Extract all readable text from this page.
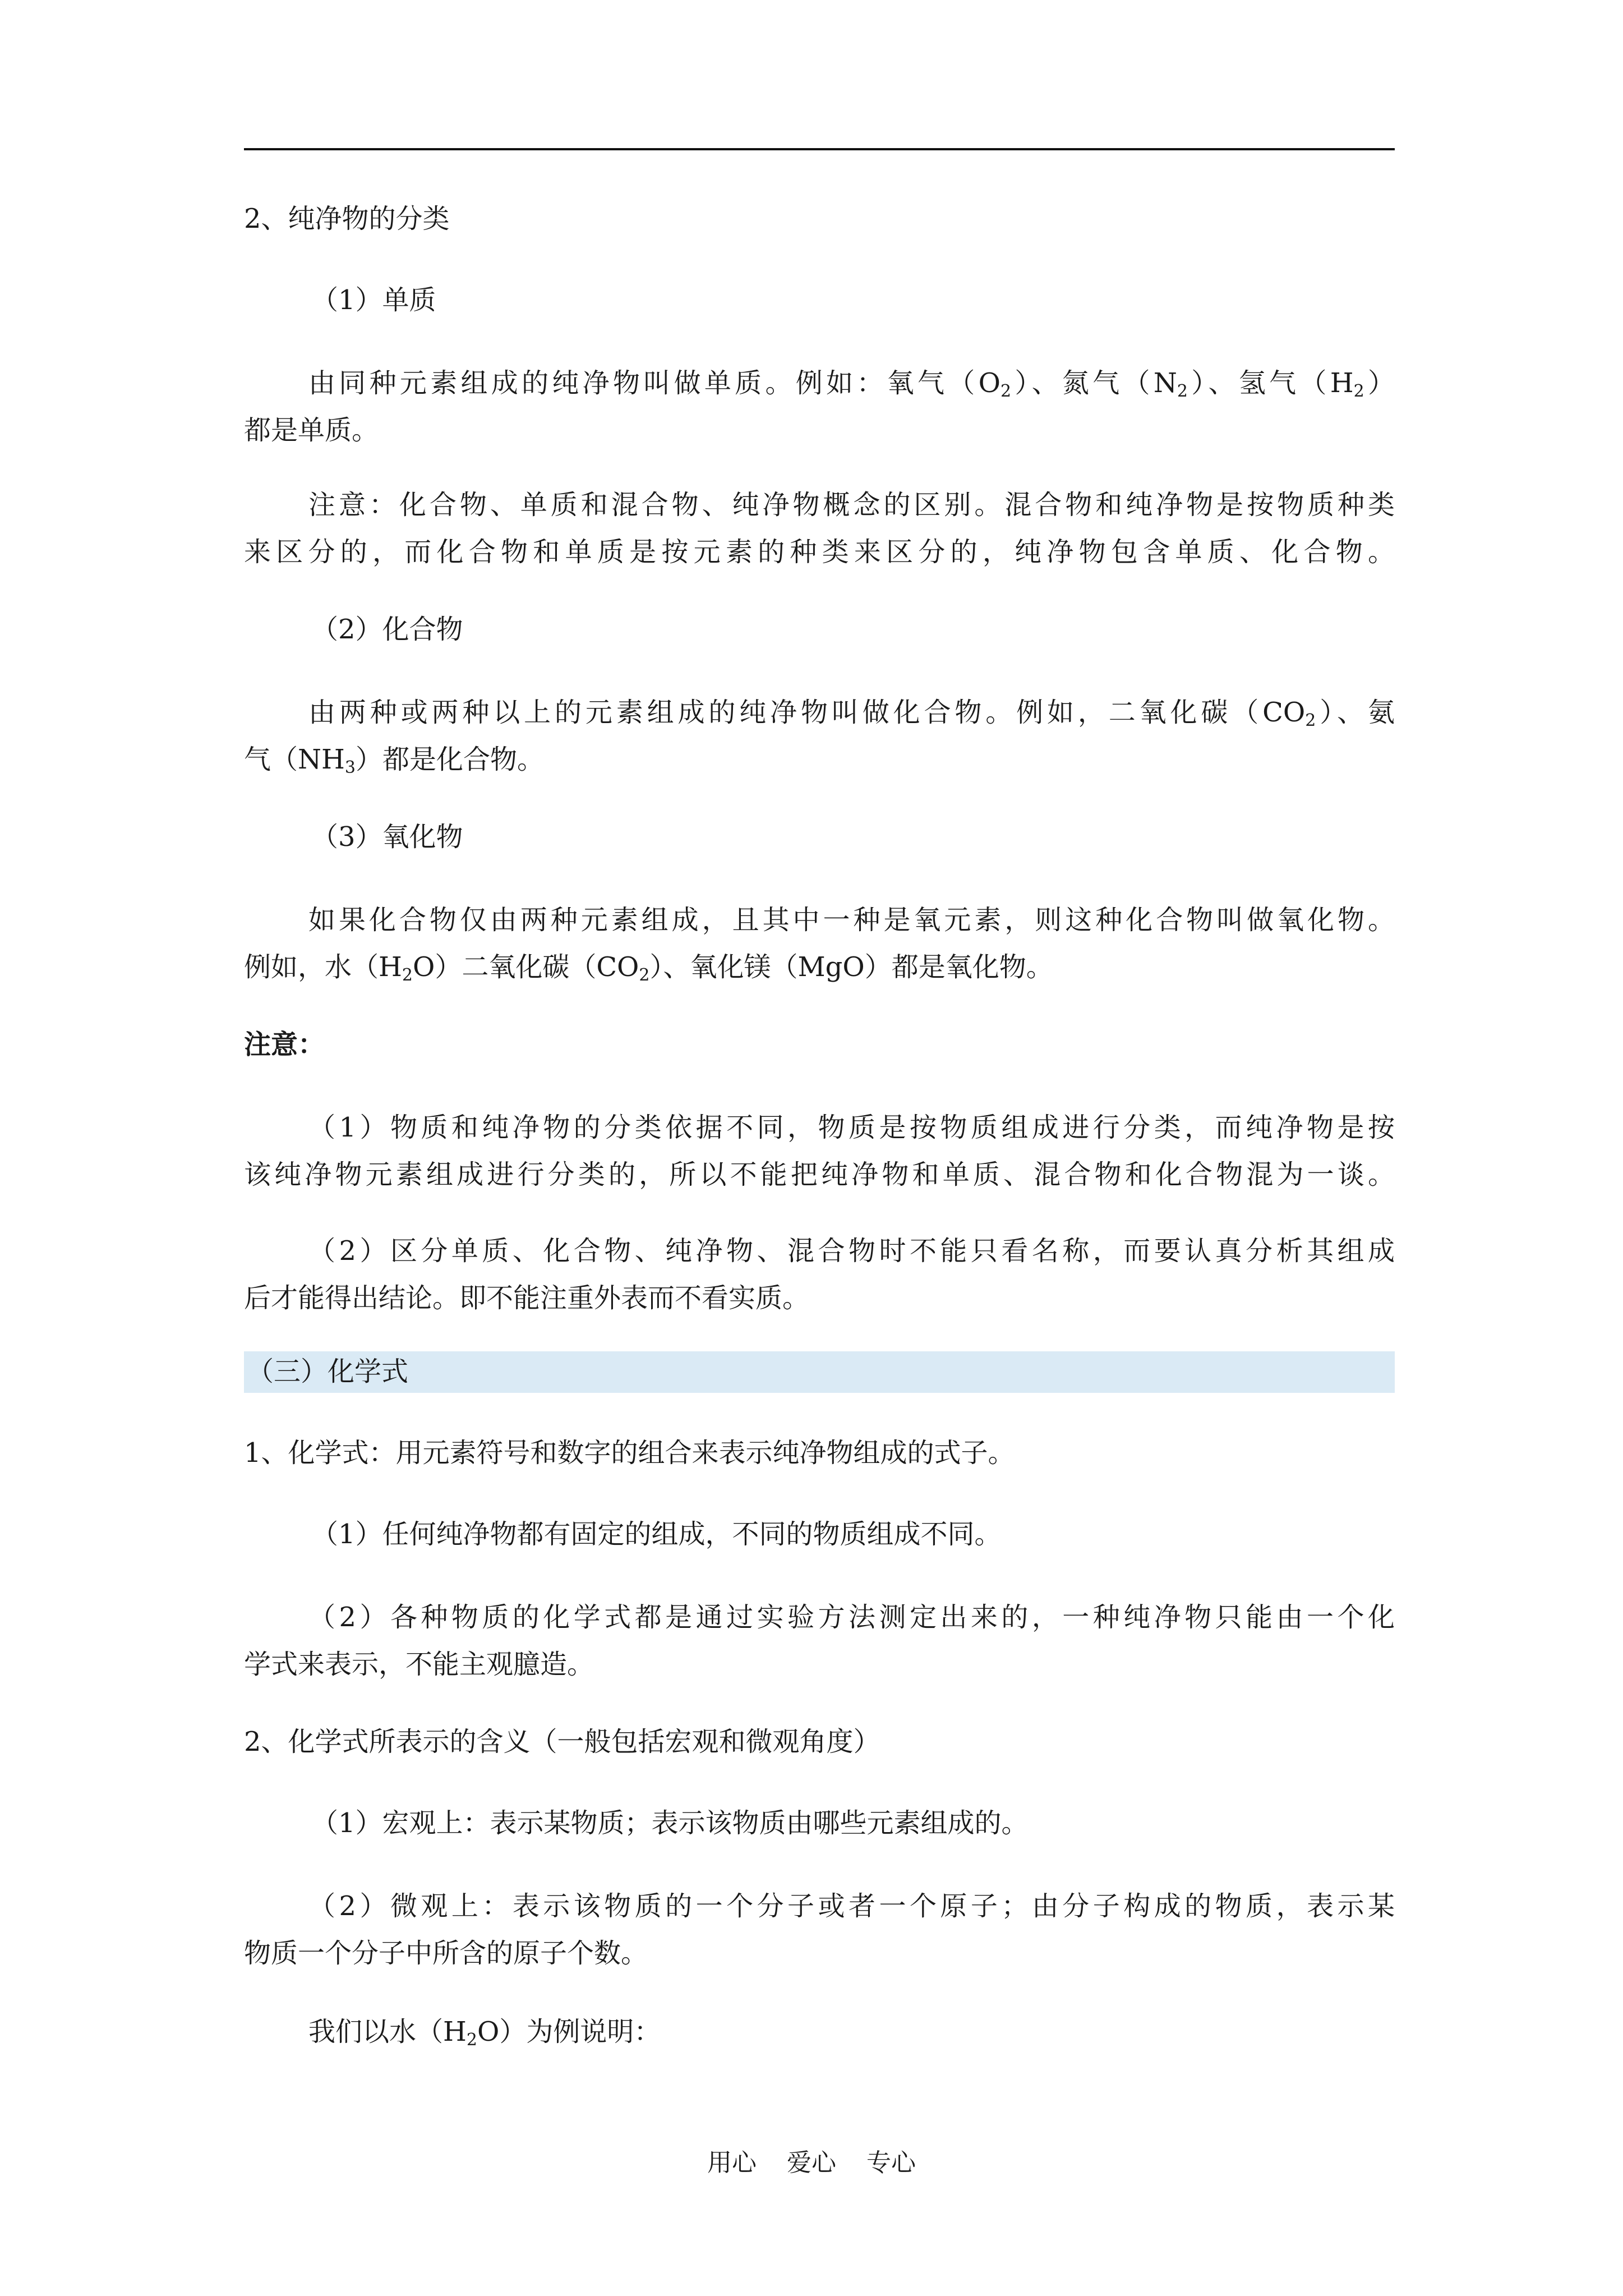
2、纯净物的分类

（1）单质

由同种元素组成的纯净物叫做单质。例如：氧气$(O_2)$、氮气$(N_2)$、氢气$(H_2)$
都是单质。
注意：化合物、单质和混合物、纯净物概念的区别。混合物和纯净物是按物质种类
来区分的，而化合物和单质是按元素的种类来区分的，纯净物包含单质、化合物。

（2）化合物

由两种或两种以上的元素组成的纯净物叫做化合物。例如，二氧化碳$(CO_2)$、氨
气$(NH_3)$都是化合物。

（3）氧化物

如果化合物仅由两种元素组成，且其中一种是氧元素，则这种化合物叫做氧化物。
例如，水$(H_2O)$二氧化碳$(CO_2)$、氧化镁（MgO）都是氧化物。

注意：

（1）物质和纯净物的分类依据不同，物质是按物质组成进行分类，而纯净物是按
该纯净物元素组成进行分类的，所以不能把纯净物和单质、混合物和化合物混为一谈。
（2）区分单质、化合物、纯净物、混合物时不能只看名称，而要认真分析其组成
后才能得出结论。即不能注重外表而不看实质。
（三）化学式

1、化学式：用元素符号和数字的组合来表示纯净物组成的式子。

（1）任何纯净物都有固定的组成，不同的物质组成不同。

（2）各种物质的化学式都是通过实验方法测定出来的，一种纯净物只能由一个化
学式来表示，不能主观臆造。

2、化学式所表示的含义（一般包括宏观和微观角度）

（1）宏观上：表示某物质；表示该物质由哪些元素组成的。

（2）微观上：表示该物质的一个分子或者一个原子；由分子构成的物质，表示某
物质一个分子中所含的原子个数。

我们以水$(H_2O)$为例说明：

用心 爱心 专心
